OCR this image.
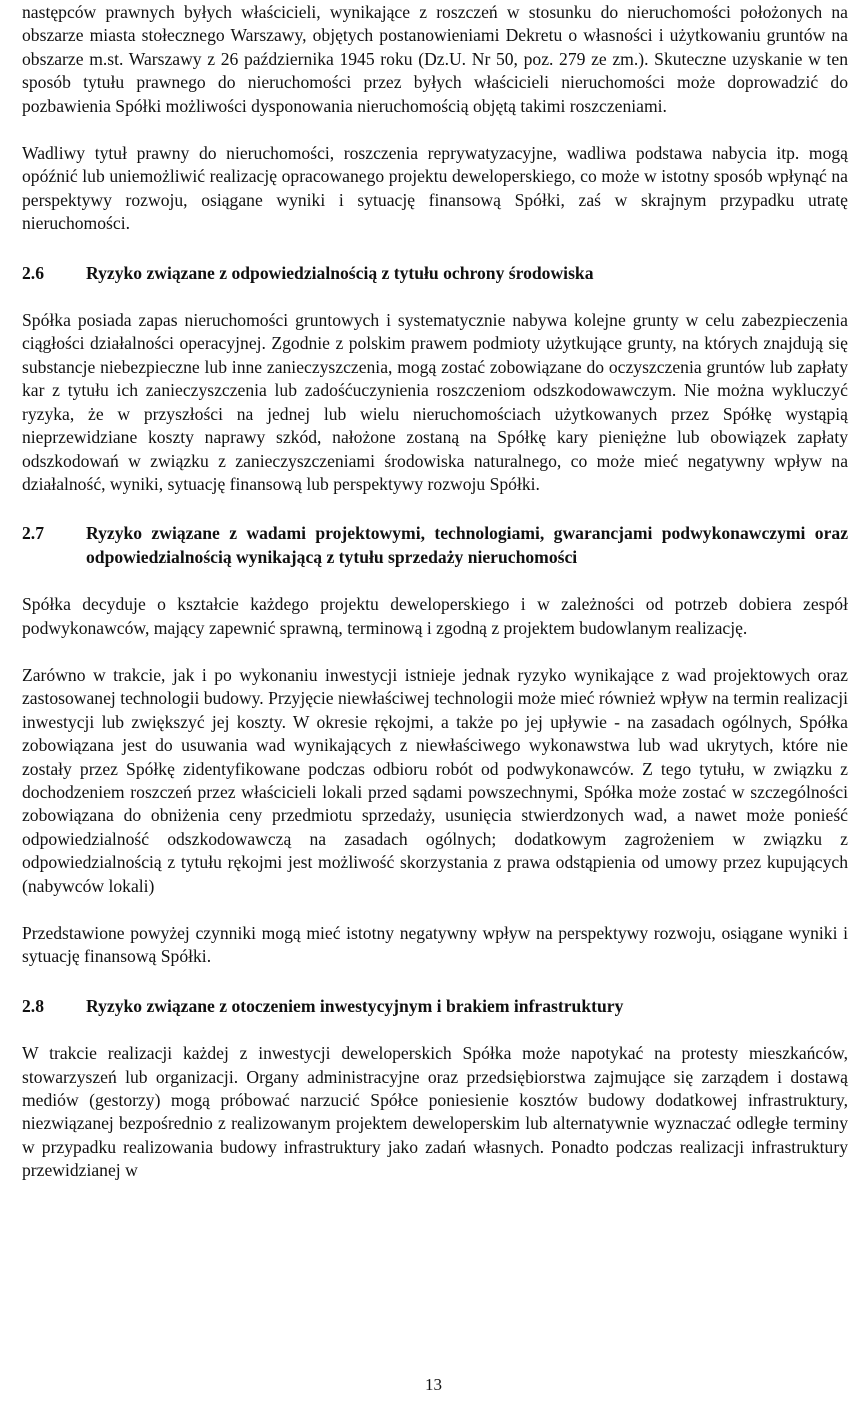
następców prawnych byłych właścicieli, wynikające z roszczeń w stosunku do nieruchomości położonych na obszarze miasta stołecznego Warszawy, objętych postanowieniami Dekretu o własności i użytkowaniu gruntów na obszarze m.st. Warszawy z 26 października 1945 roku (Dz.U. Nr 50, poz. 279 ze zm.). Skuteczne uzyskanie w ten sposób tytułu prawnego do nieruchomości przez byłych właścicieli nieruchomości może doprowadzić do pozbawienia Spółki możliwości dysponowania nieruchomością objętą takimi roszczeniami.

Wadliwy tytuł prawny do nieruchomości, roszczenia reprywatyzacyjne, wadliwa podstawa nabycia itp. mogą opóźnić lub uniemożliwić realizację opracowanego projektu deweloperskiego, co może w istotny sposób wpłynąć na perspektywy rozwoju, osiągane wyniki i sytuację finansową Spółki, zaś w skrajnym przypadku utratę nieruchomości.

2.6	Ryzyko związane z odpowiedzialnością z tytułu ochrony środowiska

Spółka posiada zapas nieruchomości gruntowych i systematycznie nabywa kolejne grunty w celu zabezpieczenia ciągłości działalności operacyjnej. Zgodnie z polskim prawem podmioty użytkujące grunty, na których znajdują się substancje niebezpieczne lub inne zanieczyszczenia, mogą zostać zobowiązane do oczyszczenia gruntów lub zapłaty kar z tytułu ich zanieczyszczenia lub zadośćuczynienia roszczeniom odszkodowawczym. Nie można wykluczyć ryzyka, że w przyszłości na jednej lub wielu nieruchomościach użytkowanych przez Spółkę wystąpią nieprzewidziane koszty naprawy szkód, nałożone zostaną na Spółkę kary pieniężne lub obowiązek zapłaty odszkodowań w związku z zanieczyszczeniami środowiska naturalnego, co może mieć negatywny wpływ na działalność, wyniki, sytuację finansową lub perspektywy rozwoju Spółki.

2.7	Ryzyko związane z wadami projektowymi, technologiami, gwarancjami podwykonawczymi oraz odpowiedzialnością wynikającą z tytułu sprzedaży nieruchomości

Spółka decyduje o kształcie każdego projektu deweloperskiego i w zależności od potrzeb dobiera zespół podwykonawców, mający zapewnić sprawną, terminową i zgodną z projektem budowlanym realizację.

Zarówno w trakcie, jak i po wykonaniu inwestycji istnieje jednak ryzyko wynikające z wad projektowych oraz zastosowanej technologii budowy. Przyjęcie niewłaściwej technologii może mieć również wpływ na termin realizacji inwestycji lub zwiększyć jej koszty. W okresie rękojmi, a także po jej upływie - na zasadach ogólnych, Spółka zobowiązana jest do usuwania wad wynikających z niewłaściwego wykonawstwa lub wad ukrytych, które nie zostały przez Spółkę zidentyfikowane podczas odbioru robót od podwykonawców. Z tego tytułu, w związku z dochodzeniem roszczeń przez właścicieli lokali przed sądami powszechnymi, Spółka może zostać w szczególności zobowiązana do obniżenia ceny przedmiotu sprzedaży, usunięcia stwierdzonych wad, a nawet może ponieść odpowiedzialność odszkodowawczą na zasadach ogólnych; dodatkowym zagrożeniem w związku z odpowiedzialnością z tytułu rękojmi jest możliwość skorzystania z prawa odstąpienia od umowy przez kupujących (nabywców lokali)

Przedstawione powyżej czynniki mogą mieć istotny negatywny wpływ na perspektywy rozwoju, osiągane wyniki i sytuację finansową Spółki.

2.8	Ryzyko związane z otoczeniem inwestycyjnym i brakiem infrastruktury

W trakcie realizacji każdej z inwestycji deweloperskich Spółka może napotykać na protesty mieszkańców, stowarzyszeń lub organizacji. Organy administracyjne oraz przedsiębiorstwa zajmujące się zarządem i dostawą mediów (gestorzy) mogą próbować narzucić Spółce poniesienie kosztów budowy dodatkowej infrastruktury, niezwiązanej bezpośrednio z realizowanym projektem deweloperskim lub alternatywnie wyznaczać odległe terminy w przypadku realizowania budowy infrastruktury jako zadań własnych. Ponadto podczas realizacji infrastruktury przewidzianej w

13
